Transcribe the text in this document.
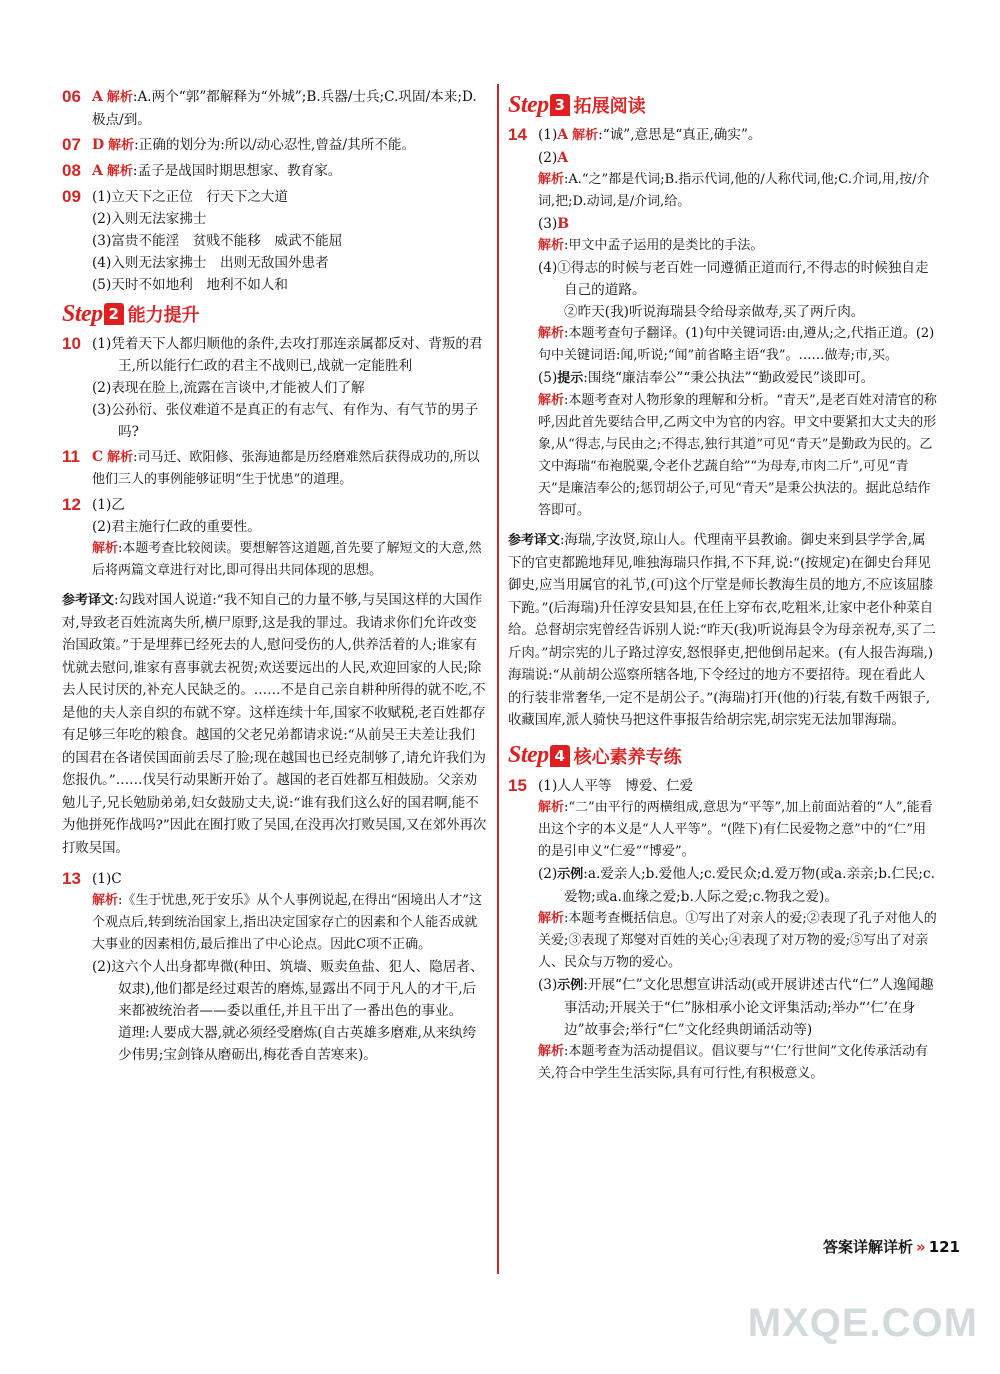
06 A 解析:A.两个“郭”都解释为“外城”;B.兵器/士兵;C.巩固/本来;D.极点/到。
07 D 解析:正确的划分为:所以/动心忍性,曾益/其所不能。
08 A 解析:孟子是战国时期思想家、教育家。
09 (1)立天下之正位　行天下之大道
(2)入则无法家拂士
(3)富贵不能淫　贫贱不能移　威武不能屈
(4)入则无法家拂士　出则无敌国外患者
(5)天时不如地利　地利不如人和
Step 2 能力提升
10 (1)凭着天下人都归顺他的条件,去攻打那连亲属都反对、背叛的君王,所以能行仁政的君主不战则已,战就一定能胜利
(2)表现在脸上,流露在言谈中,才能被人们了解
(3)公孙衍、张仪难道不是真正的有志气、有作为、有气节的男子吗?
11 C 解析:司马迁、欧阳修、张海迪都是历经磨难然后获得成功的,所以他们三人的事例能够证明“生于忧患”的道理。
12 (1)乙
(2)君主施行仁政的重要性。
解析:本题考查比较阅读。要想解答这道题,首先要了解短文的大意,然后将两篇文章进行对比,即可得出共同体现的思想。
参考译文:勾践对国人说道:“我不知自己的力量不够,与吴国这样的大国作对,导致老百姓流离失所,横尸原野,这是我的罪过。我请求你们允许改变治国政策。”于是埋葬已经死去的人,慰问受伤的人,供养活着的人;谁家有忧就去慰问,谁家有喜事就去祝贺;欢送要远出的人民,欢迎回家的人民;除去人民讨厌的,补充人民缺乏的。……不是自己亲自耕种所得的就不吃,不是他的夫人亲自织的布就不穿。这样连续十年,国家不收赋税,老百姓都存有足够三年吃的粮食。越国的父老兄弟都请求说:“从前吴王夫差让我们的国君在各诸侯国面前丢尽了脸;现在越国也已经克制够了,请允许我们为您报仇。”……伐吴行动果断开始了。越国的老百姓都互相鼓励。父亲劝勉儿子,兄长勉励弟弟,妇女鼓励丈夫,说:“谁有我们这么好的国君啊,能不为他拼死作战吗?”因此在囿打败了吴国,在没再次打败吴国,又在郊外再次打败吴国。
13 (1)C
解析:《生于忧患,死于安乐》从个人事例说起,在得出“困境出人才”这个观点后,转到统治国家上,指出决定国家存亡的因素和个人能否成就大事业的因素相仿,最后推出了中心论点。因此C项不正确。
(2)这六个人出身都卑微(种田、筑墙、贩卖鱼盐、犯人、隐居者、奴隶),他们都是经过艰苦的磨炼,显露出不同于凡人的才干,后来都被统治者——委以重任,并且干出了一番出色的事业。
道理:人要成大器,就必须经受磨炼(自古英雄多磨难,从来纨绔少伟男;宝剑锋从磨砺出,梅花香自苦寒来)。
Step 3 拓展阅读
14 (1)A 解析:“诚”,意思是“真正,确实”。
(2)A
解析:A.“之”都是代词;B.指示代词,他的/人称代词,他;C.介词,用,按/介词,把;D.动词,是/介词,给。
(3)B
解析:甲文中孟子运用的是类比的手法。
(4)①得志的时候与老百姓一同遵循正道而行,不得志的时候独自走自己的道路。
②昨天(我)听说海瑞县令给母亲做寿,买了两斤肉。
解析:本题考查句子翻译。(1)句中关键词语:由,遵从;之,代指正道。(2)句中关键词语:闻,听说;“闻”前省略主语“我”。……做寿;市,买。
(5)提示:围绕“廉洁奉公”“秉公执法”“勤政爱民”谈即可。
解析:本题考查对人物形象的理解和分析。“青天”,是老百姓对清官的称呼,因此首先要结合甲,乙两文中为官的内容。甲文中要紧扣大丈夫的形象,从“得志,与民由之;不得志,独行其道”可见“青天”是勤政为民的。乙文中海瑞“布袍脱粟,令老仆艺蔬自给”“为母寿,市肉二斤”,可见“青天”是廉洁奉公的;惩罚胡公子,可见“青天”是秉公执法的。据此总结作答即可。
参考译文:海瑞,字汝贤,琼山人。代理南平县教谕。御史来到县学学舍,属下的官吏都跪地拜见,唯独海瑞只作揖,不下拜,说:“(按规定)在御史台拜见御史,应当用属官的礼节,(可)这个厅堂是师长教海生员的地方,不应该屈膝下跪。”(后海瑞)升任淳安县知县,在任上穿布衣,吃粗米,让家中老仆种菜自给。总督胡宗宪曾经告诉别人说:“昨天(我)听说海县令为母亲祝寿,买了二斤肉。”胡宗宪的儿子路过淳安,怒恨驿吏,把他倒吊起来。(有人报告海瑞,)海瑞说:“从前胡公巡察所辖各地,下令经过的地方不要招待。现在看此人的行装非常奢华,一定不是胡公子。”(海瑞)打开(他的)行装,有数千两银子,收藏国库,派人骑快马把这件事报告给胡宗宪,胡宗宪无法加罪海瑞。
Step 4 核心素养专练
15 (1)人人平等　博爱、仁爱
解析:“二”由平行的两横组成,意思为“平等”,加上前面站着的“人”,能看出这个字的本义是“人人平等”。“(陛下)有仁民爱物之意”中的“仁”用的是引申义“仁爱”“博爱”。
(2)示例:a.爱亲人;b.爱他人;c.爱民众;d.爱万物(或a.亲亲;b.仁民;c.爱物;或a.血缘之爱;b.人际之爱;c.物我之爱)。
解析:本题考查概括信息。①写出了对亲人的爱;②表现了孔子对他人的关爱;③表现了郑燮对百姓的关心;④表现了对万物的爱;⑤写出了对亲人、民众与万物的爱心。
(3)示例:开展“仁”文化思想宣讲活动(或开展讲述古代“仁”人逸闻趣事活动;开展关于“仁”脉相承小论文评集活动;举办“‘仁’在身边”故事会;举行“仁”文化经典朗诵活动等)
解析:本题考查为活动提倡议。倡议要与“‘仁’行世间”文化传承活动有关,符合中学生生活实际,具有可行性,有积极意义。
答案详解详析 » 121
MXQE.COM
